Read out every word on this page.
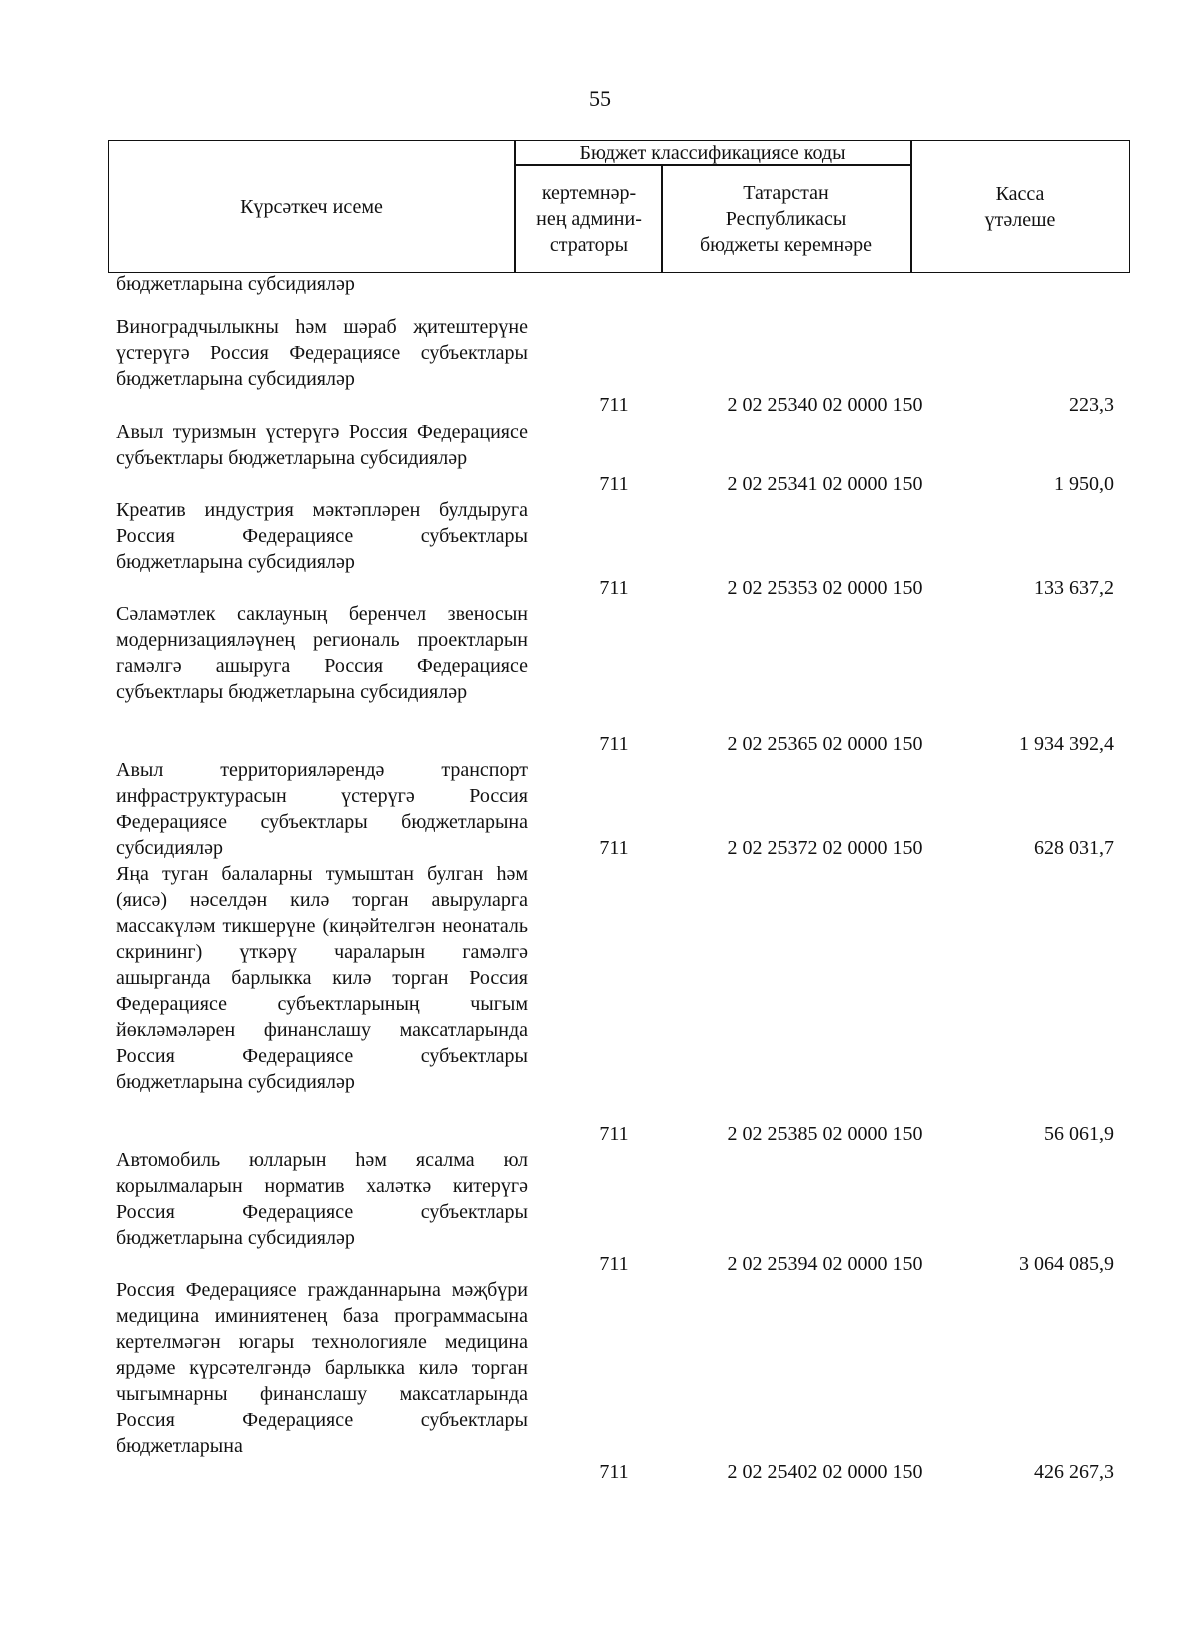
55
Күрсәткеч исеме
Бюджет классификациясе коды
кертемнәр-нең админи-страторы
Татарстан Республикасы бюджеты керемнәре
Касса үтәлеше
бюджетларына субсидияләр
Виноградчылыкны һәм шәраб җитештерүне үстерүгә Россия Федерациясе субъектлары бюджетларына субсидияләр
711	2 02 25340 02 0000 150	223,3
Авыл туризмын үстерүгә Россия Федерациясе субъектлары бюджетларына субсидияләр
711	2 02 25341 02 0000 150	1 950,0
Креатив индустрия мәктәпләрен булдыруга Россия Федерациясе субъектлары бюджетларына субсидияләр
711	2 02 25353 02 0000 150	133 637,2
Сәламәтлек саклауның беренчел звеносын модернизацияләүнең региональ проектларын гамәлгә ашыруга Россия Федерациясе субъектлары бюджетларына субсидияләр
711	2 02 25365 02 0000 150	1 934 392,4
Авыл территорияләрендә транспорт инфраструктурасын үстерүгә Россия Федерациясе субъектлары бюджетларына субсидияләр	711	2 02 25372 02 0000 150	628 031,7
Яңа туган балаларны тумыштан булган һәм (яисә) нәселдән килә торган авыруларга массакүләм тикшерүне (киңәйтелгән неонаталь скрининг) үткәрү чараларын гамәлгә ашырганда барлыкка килә торган Россия Федерациясе субъектларының чыгым йөкләмәләрен финанслашу максатларында Россия Федерациясе субъектлары бюджетларына субсидияләр
711	2 02 25385 02 0000 150	56 061,9
Автомобиль юлларын һәм ясалма юл корылмаларын норматив халәткә китерүгә Россия Федерациясе субъектлары бюджетларына субсидияләр
711	2 02 25394 02 0000 150	3 064 085,9
Россия Федерациясе гражданнарына мәҗбүри медицина иминиятенең база программасына кертелмәгән югары технологияле медицина ярдәме күрсәтелгәндә барлыкка килә торган чыгымнарны финанслашу максатларында Россия Федерациясе субъектлары бюджетларына
711	2 02 25402 02 0000 150	426 267,3
